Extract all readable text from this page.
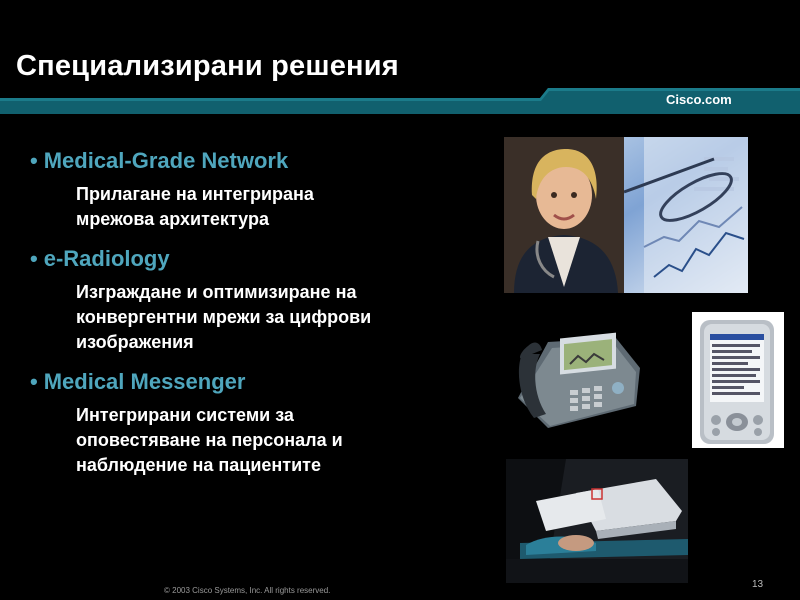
Специализирани решения
Cisco.com
• Medical-Grade Network
Прилагане на интегрирана
мрежова архитектура
• e-Radiology
Изграждане и оптимизиране на
конвергентни мрежи за цифрови
изображения
• Medical Messenger
Интегрирани системи за
оповестяване на персонала и
наблюдение на пациентите
© 2003 Cisco Systems, Inc. All rights reserved.
13
